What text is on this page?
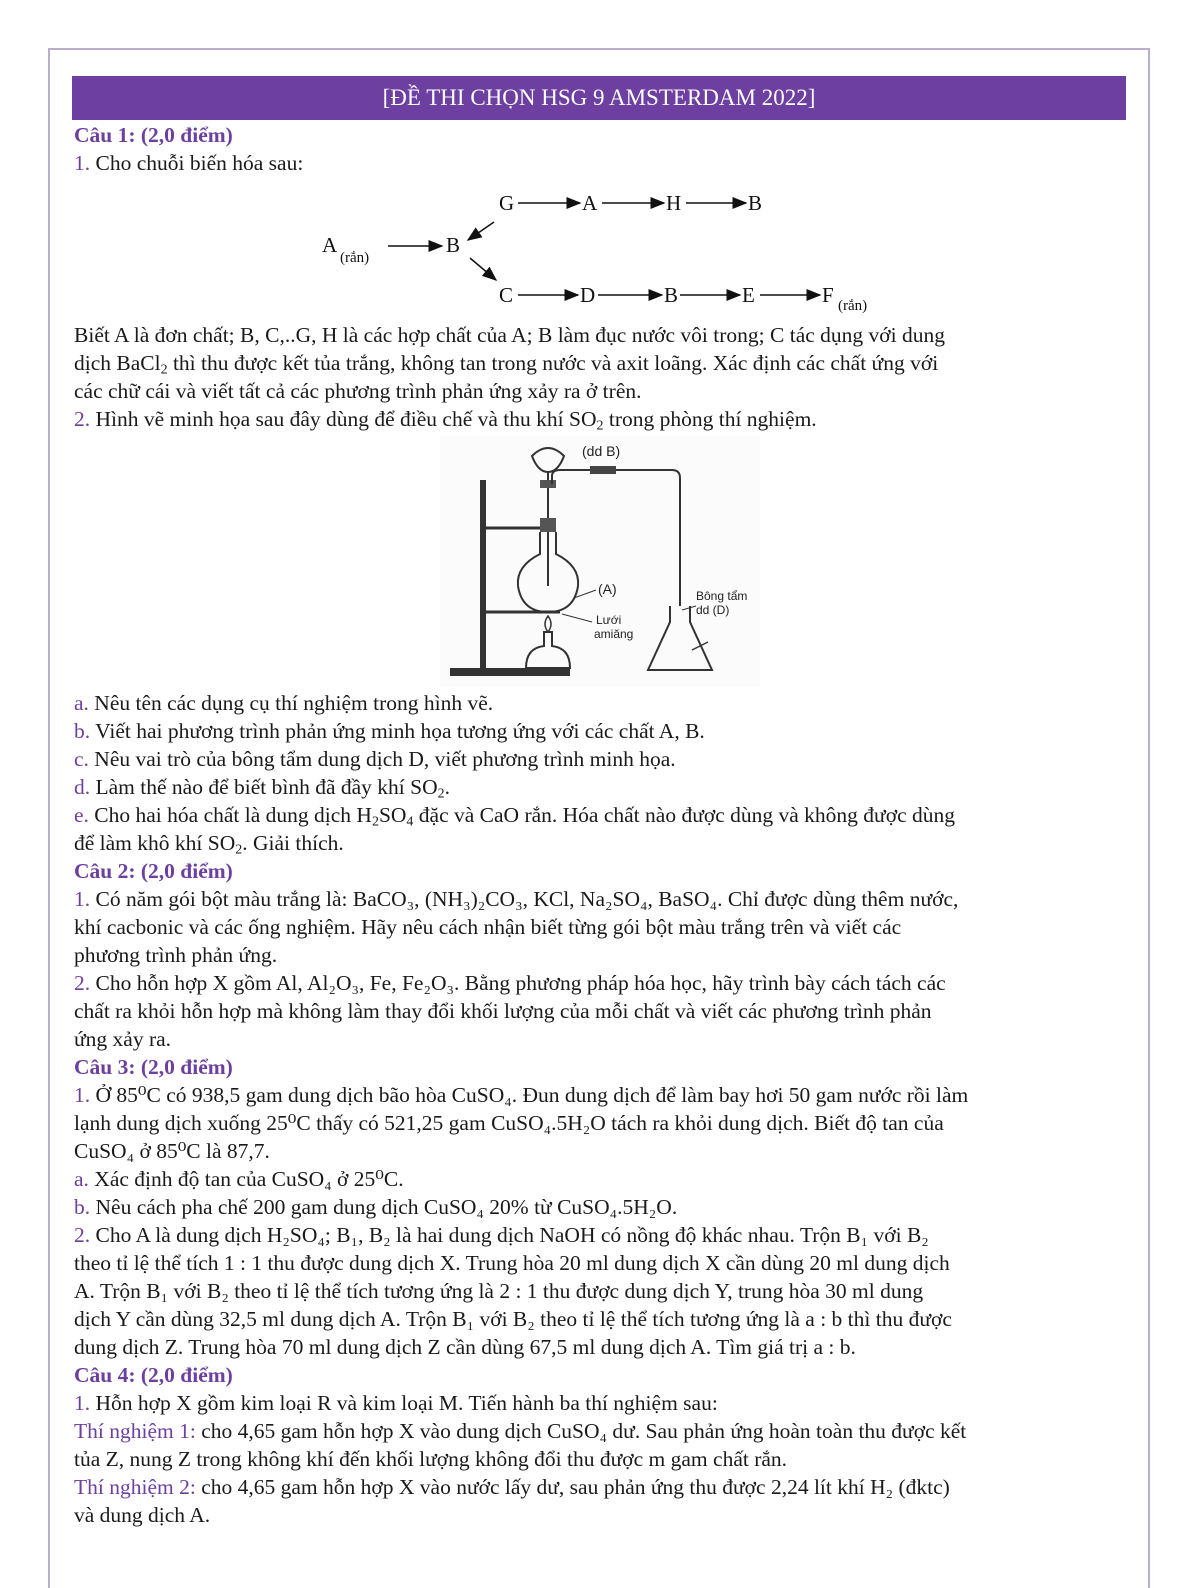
[ĐỀ THI CHỌN HSG 9 AMSTERDAM 2022]
Câu 1: (2,0 điểm)
1. Cho chuỗi biến hóa sau:
A
(rắn)
B
G	A	H	B
C	D	B	E	F (rắn)
Biết A là đơn chất; B, C,..G, H là các hợp chất của A; B làm đục nước vôi trong; C tác dụng với dung
dịch BaCl$_2$ thì thu được kết tủa trắng, không tan trong nước và axit loãng. Xác định các chất ứng với
các chữ cái và viết tất cả các phương trình phản ứng xảy ra ở trên.
2. Hình vẽ minh họa sau đây dùng để điều chế và thu khí $SO_2$ trong phòng thí nghiệm.
(dd B)
(A)
Lưới
amiăng
Bông tẩm
dd (D)
a. Nêu tên các dụng cụ thí nghiệm trong hình vẽ.
b. Viết hai phương trình phản ứng minh họa tương ứng với các chất A, B.
c. Nêu vai trò của bông tẩm dung dịch D, viết phương trình minh họa.
d. Làm thế nào để biết bình đã đầy khí $SO_2$.
e. Cho hai hóa chất là dung dịch $H_2SO_4$ đặc và CaO rắn. Hóa chất nào được dùng và không được dùng
để làm khô khí $SO_2$. Giải thích.
Câu 2: (2,0 điểm)
1. Có năm gói bột màu trắng là: BaCO₃, (NH₃)₂CO₃, KCl, Na₂SO₄, BaSO₄. Chỉ được dùng thêm nước,
khí cacbonic và các ống nghiệm. Hãy nêu cách nhận biết từng gói bột màu trắng trên và viết các
phương trình phản ứng.
2. Cho hỗn hợp X gồm Al, Al₂O₃, Fe, Fe₂O₃. Bằng phương pháp hóa học, hãy trình bày cách tách các
chất ra khỏi hỗn hợp mà không làm thay đổi khối lượng của mỗi chất và viết các phương trình phản
ứng xảy ra.
Câu 3: (2,0 điểm)
1. Ở 85⁰C có 938,5 gam dung dịch bão hòa CuSO₄. Đun dung dịch để làm bay hơi 50 gam nước rồi làm
lạnh dung dịch xuống 25⁰C thấy có 521,25 gam CuSO₄.5H₂O tách ra khỏi dung dịch. Biết độ tan của
CuSO₄ ở 85⁰C là 87,7.
a. Xác định độ tan của CuSO₄ ở 25⁰C.
b. Nêu cách pha chế 200 gam dung dịch CuSO₄ 20% từ CuSO₄.5H₂O.
2. Cho A là dung dịch H₂SO₄; B₁, B₂ là hai dung dịch NaOH có nồng độ khác nhau. Trộn B₁ với B₂
theo tỉ lệ thể tích 1 : 1 thu được dung dịch X. Trung hòa 20 ml dung dịch X cần dùng 20 ml dung dịch
A. Trộn B₁ với B₂ theo tỉ lệ thể tích tương ứng là 2 : 1 thu được dung dịch Y, trung hòa 30 ml dung
dịch Y cần dùng 32,5 ml dung dịch A. Trộn B₁ với B₂ theo tỉ lệ thể tích tương ứng là a : b thì thu được
dung dịch Z. Trung hòa 70 ml dung dịch Z cần dùng 67,5 ml dung dịch A. Tìm giá trị a : b.
Câu 4: (2,0 điểm)
1. Hỗn hợp X gồm kim loại R và kim loại M. Tiến hành ba thí nghiệm sau:
Thí nghiệm 1: cho 4,65 gam hỗn hợp X vào dung dịch CuSO₄ dư. Sau phản ứng hoàn toàn thu được kết
tủa Z, nung Z trong không khí đến khối lượng không đổi thu được m gam chất rắn.
Thí nghiệm 2: cho 4,65 gam hỗn hợp X vào nước lấy dư, sau phản ứng thu được 2,24 lít khí H₂ (đktc)
và dung dịch A.
